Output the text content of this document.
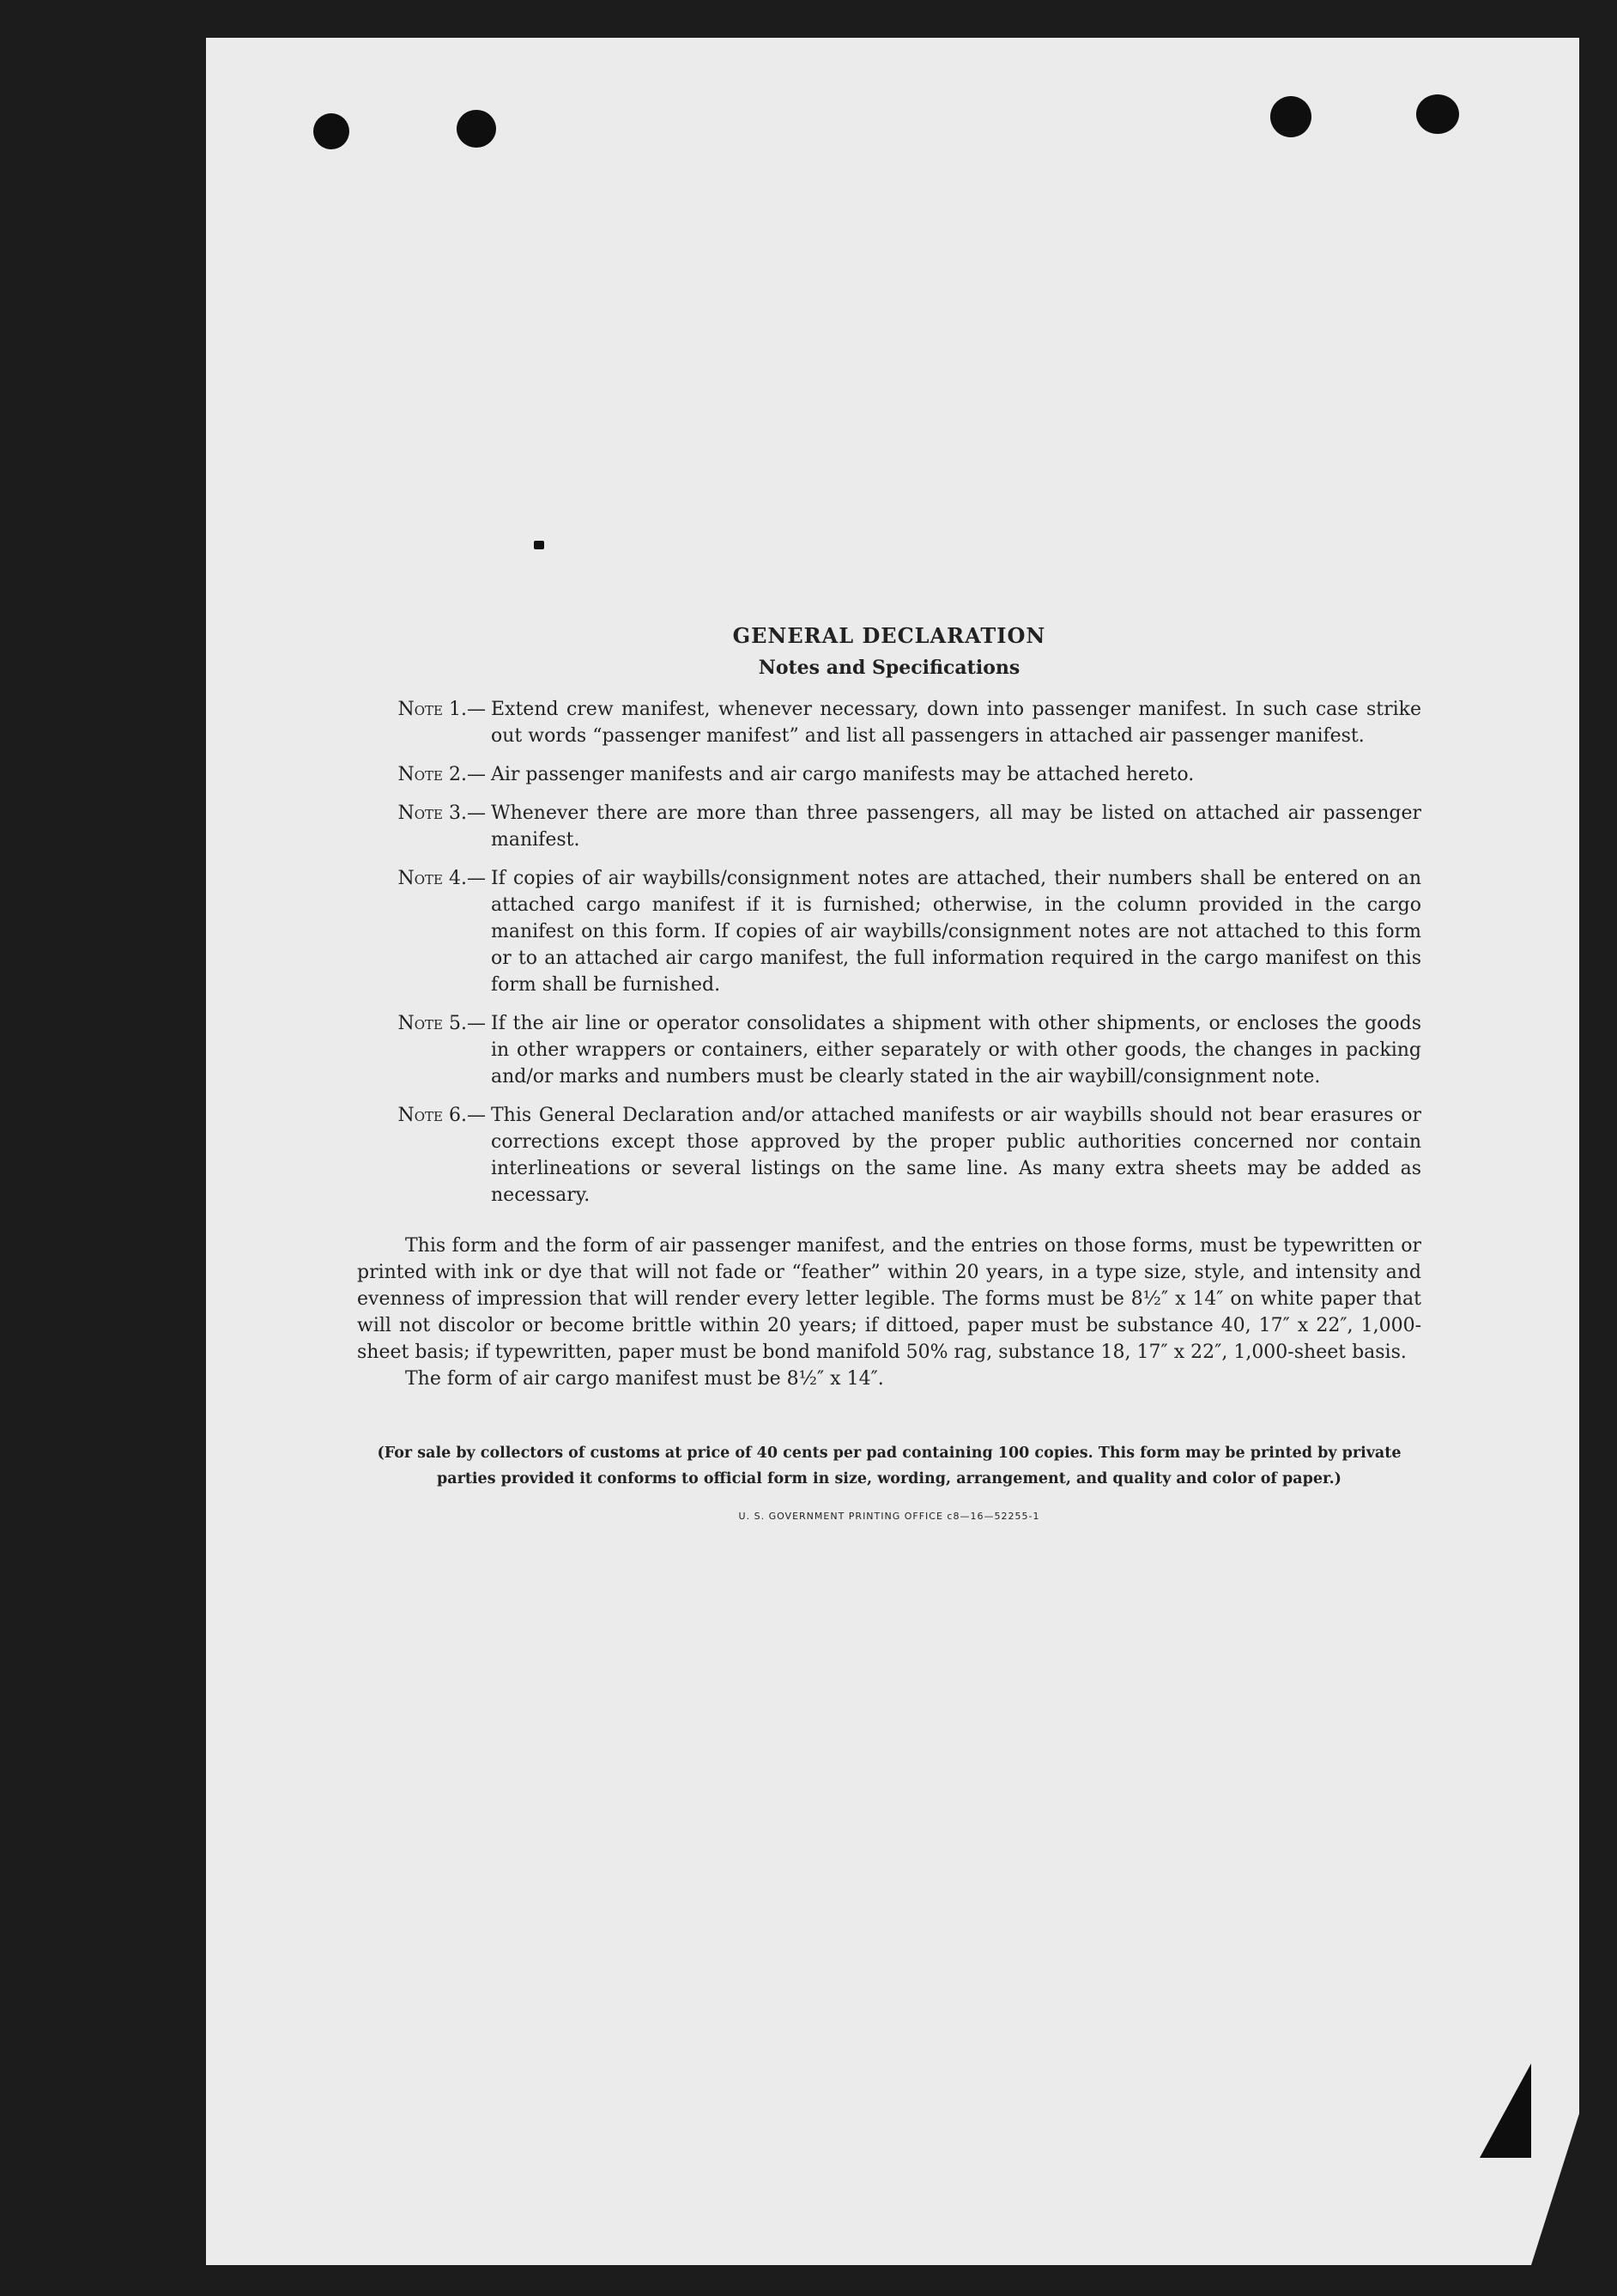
GENERAL DECLARATION
Notes and Specifications
Note 1.— Extend crew manifest, whenever necessary, down into passenger manifest. In such case strike out words “passenger manifest” and list all passengers in attached air passenger manifest.
Note 2.— Air passenger manifests and air cargo manifests may be attached hereto.
Note 3.— Whenever there are more than three passengers, all may be listed on attached air passenger manifest.
Note 4.— If copies of air waybills/consignment notes are attached, their numbers shall be entered on an attached cargo manifest if it is furnished; otherwise, in the column provided in the cargo manifest on this form. If copies of air waybills/consignment notes are not attached to this form or to an attached air cargo manifest, the full information required in the cargo manifest on this form shall be furnished.
Note 5.— If the air line or operator consolidates a shipment with other shipments, or encloses the goods in other wrappers or containers, either separately or with other goods, the changes in packing and/or marks and numbers must be clearly stated in the air waybill/consignment note.
Note 6.— This General Declaration and/or attached manifests or air waybills should not bear erasures or corrections except those approved by the proper public authorities concerned nor contain interlineations or several listings on the same line. As many extra sheets may be added as necessary.
This form and the form of air passenger manifest, and the entries on those forms, must be typewritten or printed with ink or dye that will not fade or “feather” within 20 years, in a type size, style, and intensity and evenness of impression that will render every letter legible. The forms must be 8½″ x 14″ on white paper that will not discolor or become brittle within 20 years; if dittoed, paper must be substance 40, 17″ x 22″, 1,000-sheet basis; if typewritten, paper must be bond manifold 50% rag, substance 18, 17″ x 22″, 1,000-sheet basis.
The form of air cargo manifest must be 8½″ x 14″.
(For sale by collectors of customs at price of 40 cents per pad containing 100 copies. This form may be printed by private parties provided it conforms to official form in size, wording, arrangement, and quality and color of paper.)
U. S. GOVERNMENT PRINTING OFFICE c8—16—52255-1
